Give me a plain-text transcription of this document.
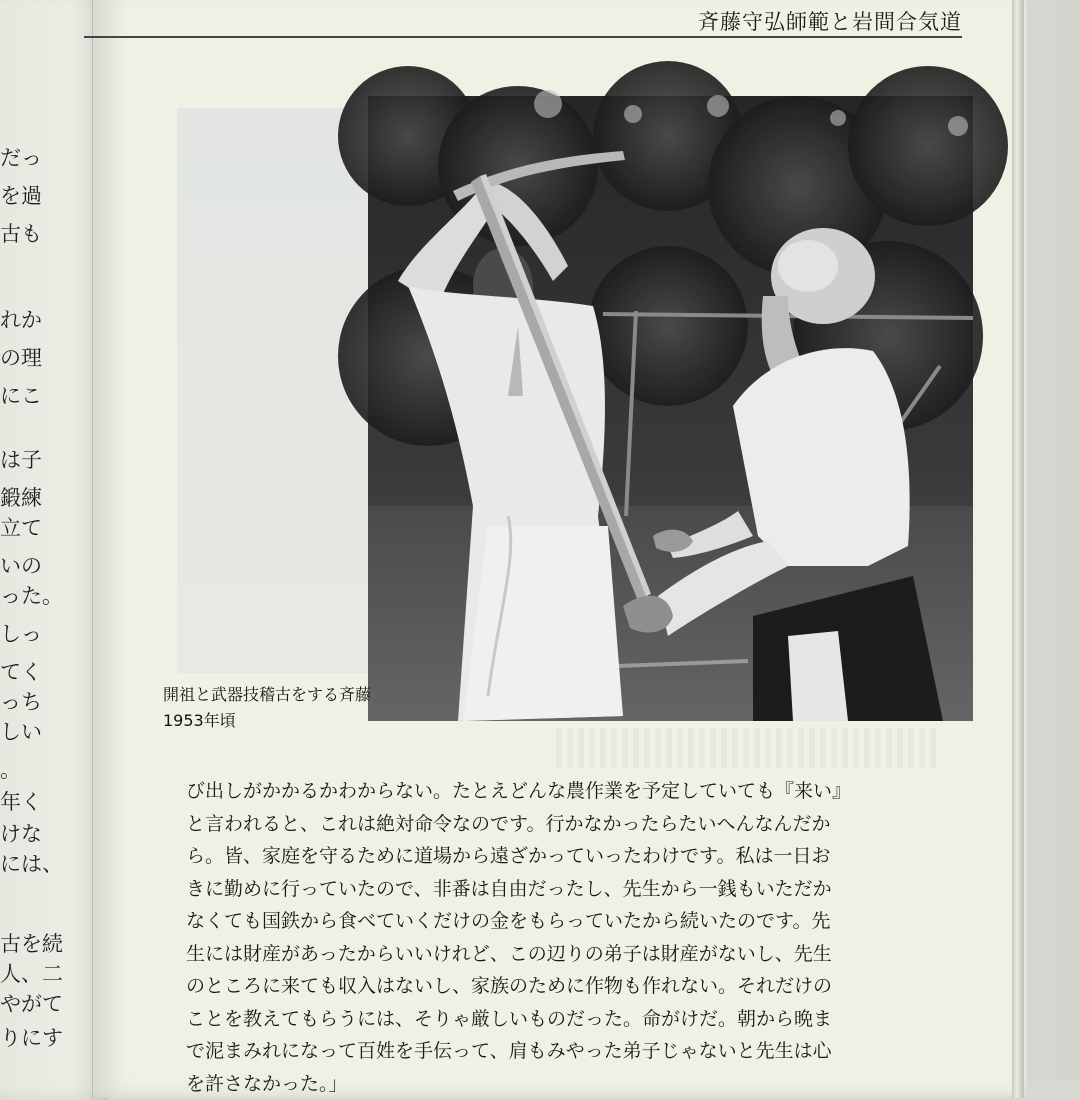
だっ
を過
古も
れか
の理
にこ
は子
鍛練
立て
いの
った。
しっ
てく
っち
しい
。
年く
けな
には、
古を続
人、二
やがて
りにす
斉藤守弘師範と岩間合気道
開祖と武器技稽古をする斉藤
1953年頃
び出しがかかるかわからない。たとえどんな農作業を予定していても『来い』
と言われると、これは絶対命令なのです。行かなかったらたいへんなんだか
ら。皆、家庭を守るために道場から遠ざかっていったわけです。私は一日お
きに勤めに行っていたので、非番は自由だったし、先生から一銭もいただか
なくても国鉄から食べていくだけの金をもらっていたから続いたのです。先
生には財産があったからいいけれど、この辺りの弟子は財産がないし、先生
のところに来ても収入はないし、家族のために作物も作れない。それだけの
ことを教えてもらうには、そりゃ厳しいものだった。命がけだ。朝から晩ま
で泥まみれになって百姓を手伝って、肩もみやった弟子じゃないと先生は心
を許さなかった。」
